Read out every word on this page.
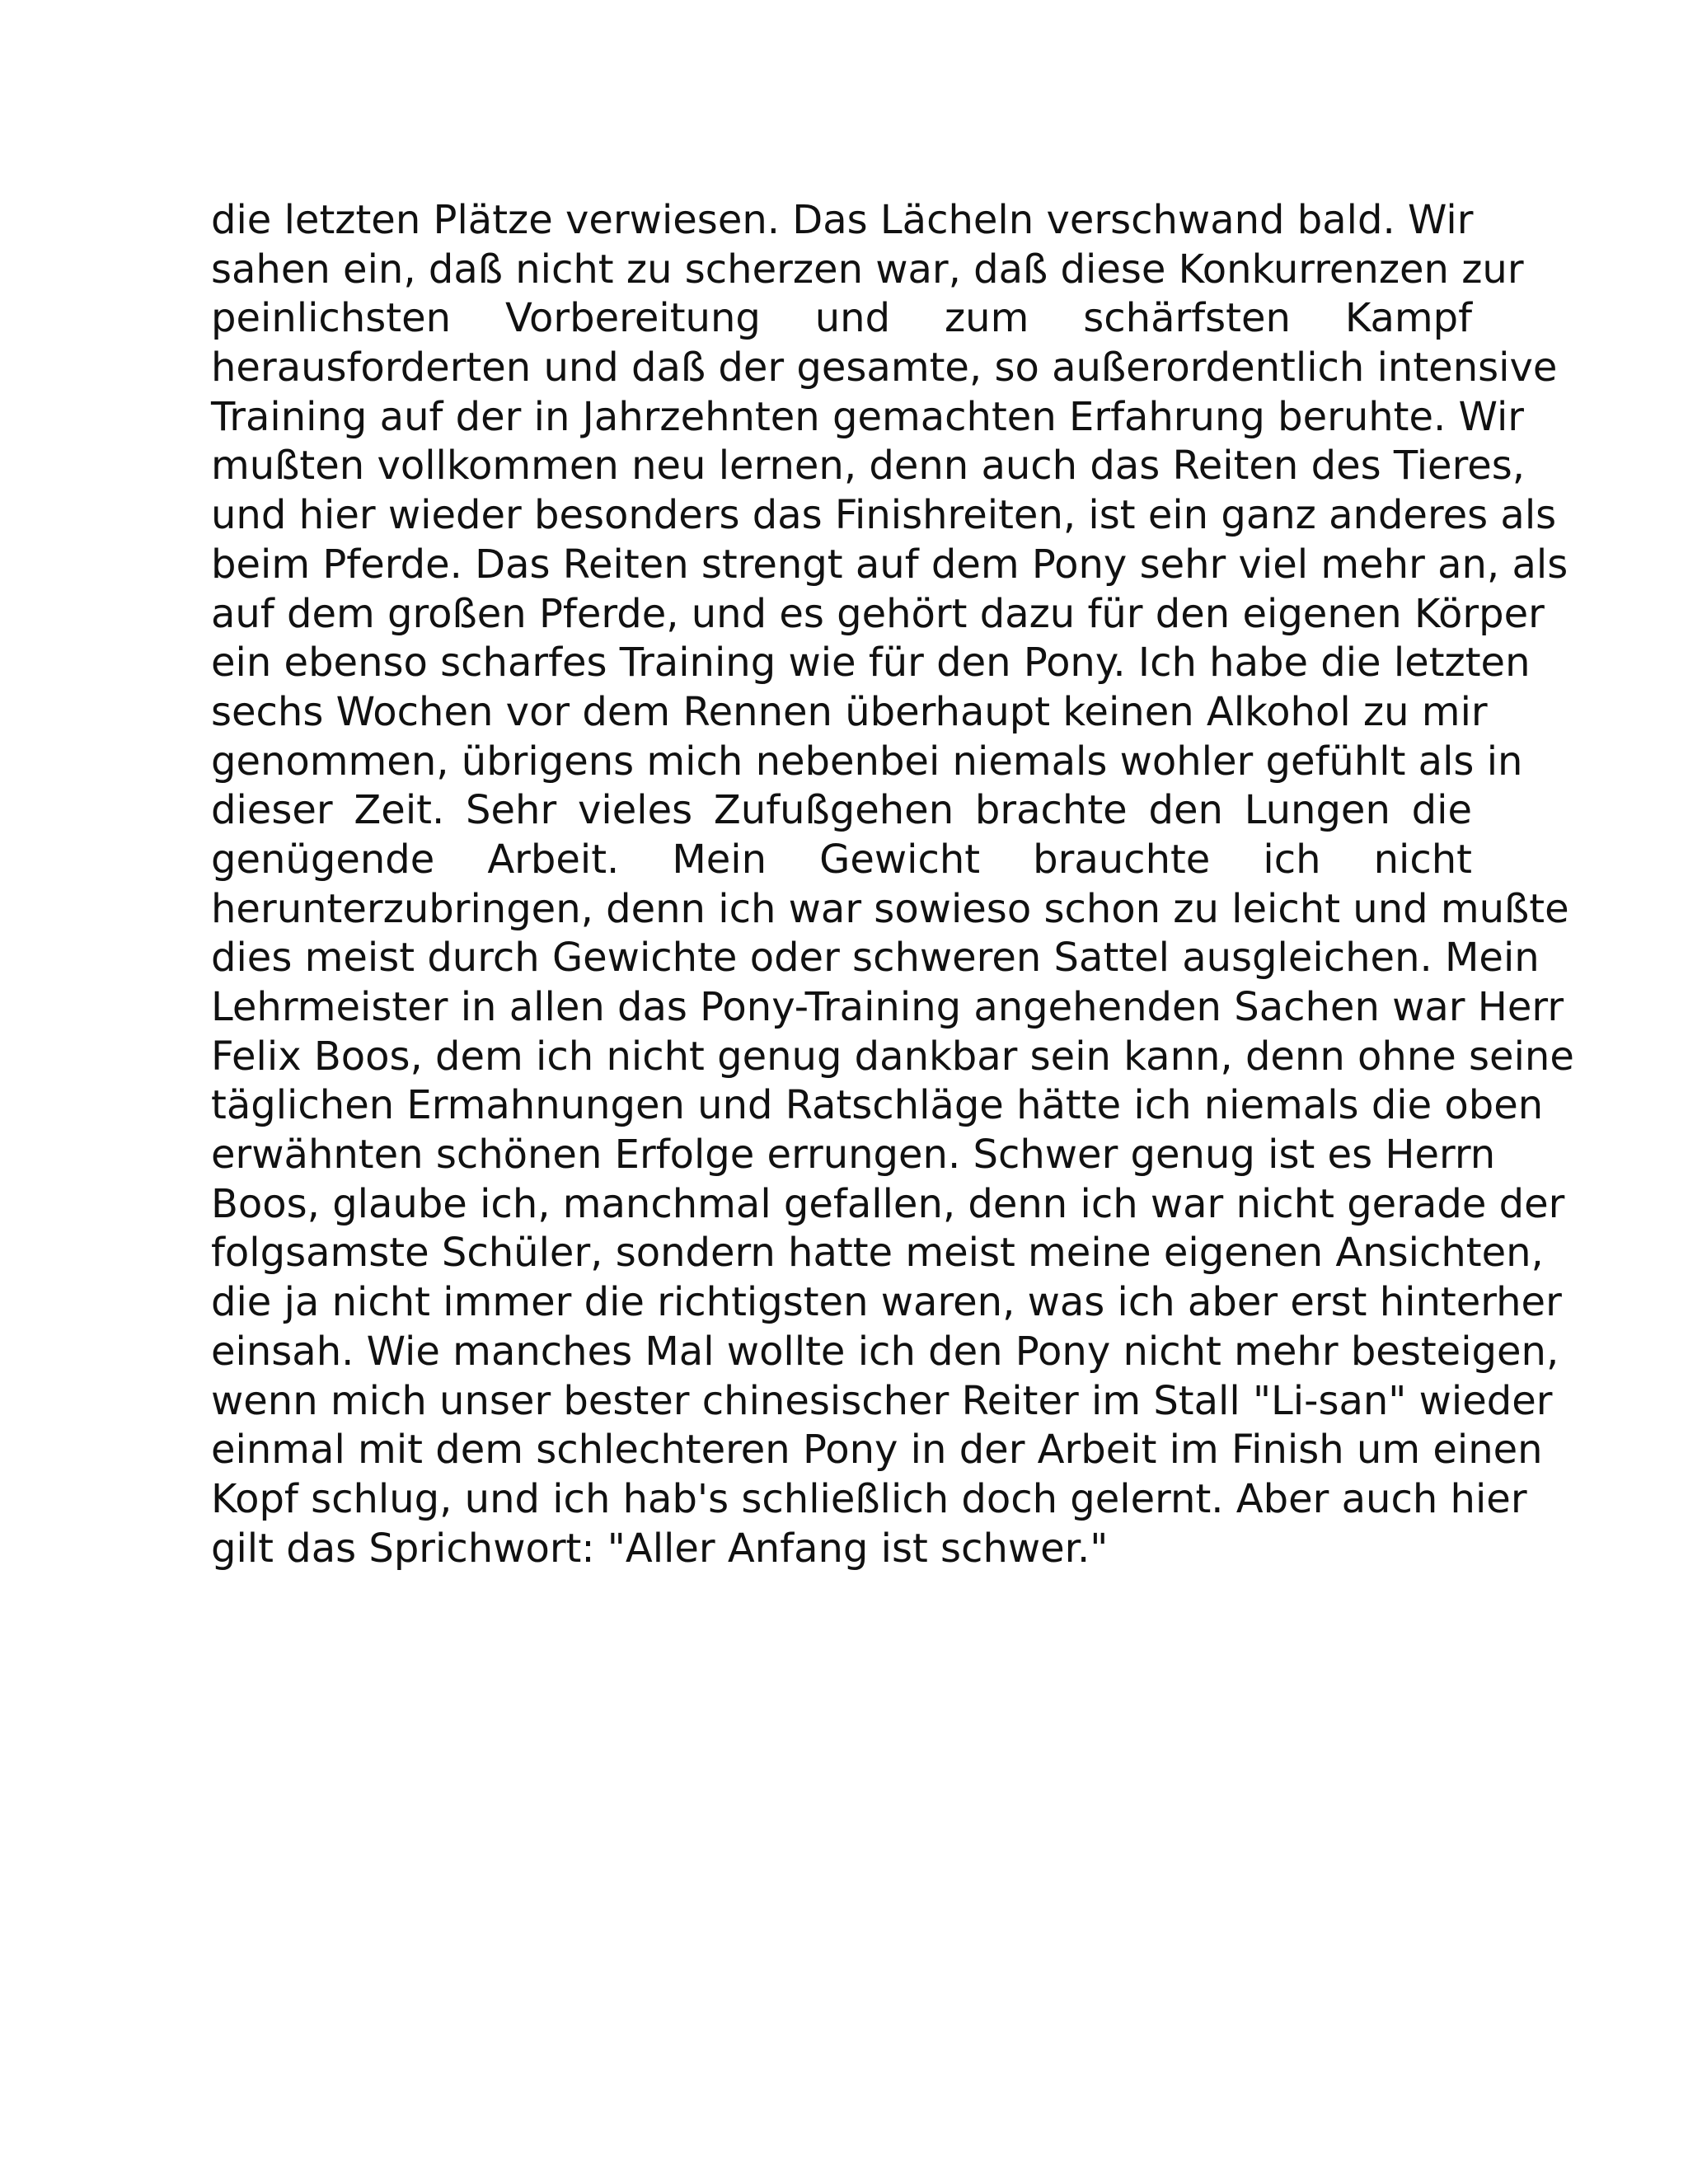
die letzten Plätze verwiesen. Das Lächeln verschwand bald. Wir
sahen ein, daß nicht zu scherzen war, daß diese Konkurrenzen zur
peinlichsten Vorbereitung und zum schärfsten Kampf
herausforderten und daß der gesamte, so außerordentlich intensive
Training auf der in Jahrzehnten gemachten Erfahrung beruhte. Wir
mußten vollkommen neu lernen, denn auch das Reiten des Tieres,
und hier wieder besonders das Finishreiten, ist ein ganz anderes als
beim Pferde. Das Reiten strengt auf dem Pony sehr viel mehr an, als
auf dem großen Pferde, und es gehört dazu für den eigenen Körper
ein ebenso scharfes Training wie für den Pony. Ich habe die letzten
sechs Wochen vor dem Rennen überhaupt keinen Alkohol zu mir
genommen, übrigens mich nebenbei niemals wohler gefühlt als in
dieser Zeit. Sehr vieles Zufußgehen brachte den Lungen die
genügende Arbeit. Mein Gewicht brauchte ich nicht
herunterzubringen, denn ich war sowieso schon zu leicht und mußte
dies meist durch Gewichte oder schweren Sattel ausgleichen. Mein
Lehrmeister in allen das Pony-Training angehenden Sachen war Herr
Felix Boos, dem ich nicht genug dankbar sein kann, denn ohne seine
täglichen Ermahnungen und Ratschläge hätte ich niemals die oben
erwähnten schönen Erfolge errungen. Schwer genug ist es Herrn
Boos, glaube ich, manchmal gefallen, denn ich war nicht gerade der
folgsamste Schüler, sondern hatte meist meine eigenen Ansichten,
die ja nicht immer die richtigsten waren, was ich aber erst hinterher
einsah. Wie manches Mal wollte ich den Pony nicht mehr besteigen,
wenn mich unser bester chinesischer Reiter im Stall "Li-san" wieder
einmal mit dem schlechteren Pony in der Arbeit im Finish um einen
Kopf schlug, und ich hab's schließlich doch gelernt. Aber auch hier
gilt das Sprichwort: "Aller Anfang ist schwer."
